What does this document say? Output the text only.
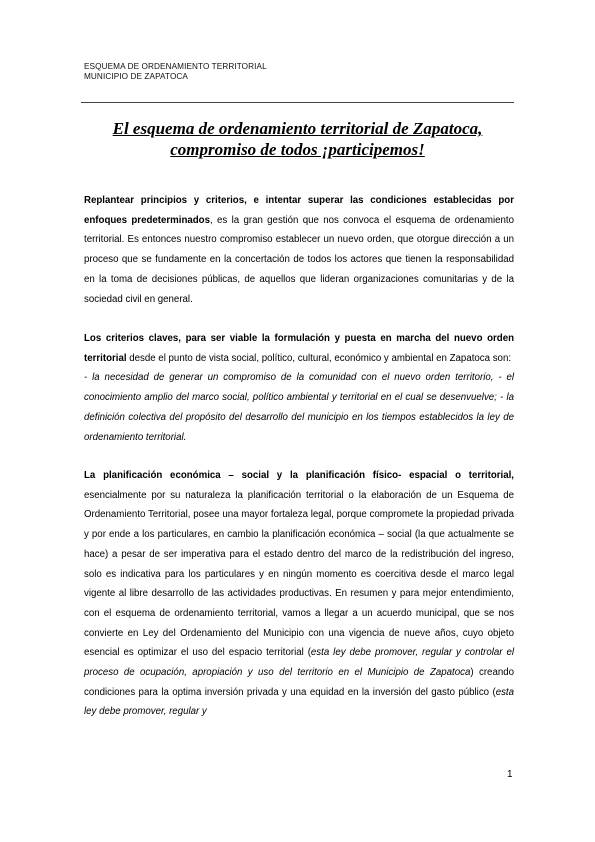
ESQUEMA DE ORDENAMIENTO TERRITORIAL
MUNICIPIO DE ZAPATOCA
El esquema de ordenamiento territorial de Zapatoca,
compromiso de todos ¡participemos!
Replantear principios y criterios, e intentar superar las condiciones establecidas por enfoques predeterminados, es la gran gestión que nos convoca el esquema de ordenamiento territorial. Es entonces nuestro compromiso establecer un nuevo orden, que otorgue dirección a un proceso que se fundamente en la concertación de todos los actores que tienen la responsabilidad en la toma de decisiones públicas, de aquellos que lideran organizaciones comunitarias y de la sociedad civil en general.
Los criterios claves, para ser viable la formulación y puesta en marcha del nuevo orden territorial desde el punto de vista social, político, cultural, económico y ambiental en Zapatoca son:
- la necesidad de generar un compromiso de la comunidad con el nuevo orden territorio, - el conocimiento amplio del marco social, político ambiental y territorial en el cual se desenvuelve; - la definición colectiva del propósito del desarrollo del municipio en los tiempos establecidos la ley de ordenamiento territorial.
La planificación económica – social y la planificación físico- espacial o territorial, esencialmente por su naturaleza la planificación territorial o la elaboración de un Esquema de Ordenamiento Territorial, posee una mayor fortaleza legal, porque compromete la propiedad privada y por ende a los particulares, en cambio la planificación económica – social (la que actualmente se hace) a pesar de ser imperativa para el estado dentro del marco de la redistribución del ingreso, solo es indicativa para los particulares y en ningún momento es coercitiva desde el marco legal vigente al libre desarrollo de las actividades productivas. En resumen y para mejor entendimiento, con el esquema de ordenamiento territorial, vamos a llegar a un acuerdo municipal, que se nos convierte en Ley del Ordenamiento del Municipio con una vigencia de nueve años, cuyo objeto esencial es optimizar el uso del espacio territorial (esta ley debe promover, regular y controlar el proceso de ocupación, apropiación y uso del territorio en el Municipio de Zapatoca) creando condiciones para la optima inversión privada y una equidad en la inversión del gasto público (esta ley debe promover, regular y
1
